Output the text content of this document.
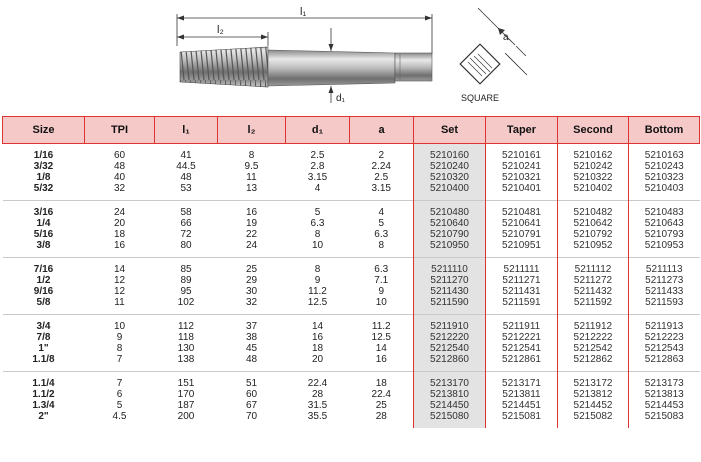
l₁
l₂
d₁
a
SQUARE
Size	TPI	l₁	l₂	d₁	a	Set	Taper	Second	Bottom
1/16	60	41	8	2.5	2	5210160	5210161	5210162	5210163
3/32	48	44.5	9.5	2.8	2.24	5210240	5210241	5210242	5210243
1/8	40	48	11	3.15	2.5	5210320	5210321	5210322	5210323
5/32	32	53	13	4	3.15	5210400	5210401	5210402	5210403
3/16	24	58	16	5	4	5210480	5210481	5210482	5210483
1/4	20	66	19	6.3	5	5210640	5210641	5210642	5210643
5/16	18	72	22	8	6.3	5210790	5210791	5210792	5210793
3/8	16	80	24	10	8	5210950	5210951	5210952	5210953
7/16	14	85	25	8	6.3	5211110	5211111	5211112	5211113
1/2	12	89	29	9	7.1	5211270	5211271	5211272	5211273
9/16	12	95	30	11.2	9	5211430	5211431	5211432	5211433
5/8	11	102	32	12.5	10	5211590	5211591	5211592	5211593
3/4	10	112	37	14	11.2	5211910	5211911	5211912	5211913
7/8	9	118	38	16	12.5	5212220	5212221	5212222	5212223
1"	8	130	45	18	14	5212540	5212541	5212542	5212543
1.1/8	7	138	48	20	16	5212860	5212861	5212862	5212863
1.1/4	7	151	51	22.4	18	5213170	5213171	5213172	5213173
1.1/2	6	170	60	28	22.4	5213810	5213811	5213812	5213813
1.3/4	5	187	67	31.5	25	5214450	5214451	5214452	5214453
2"	4.5	200	70	35.5	28	5215080	5215081	5215082	5215083
